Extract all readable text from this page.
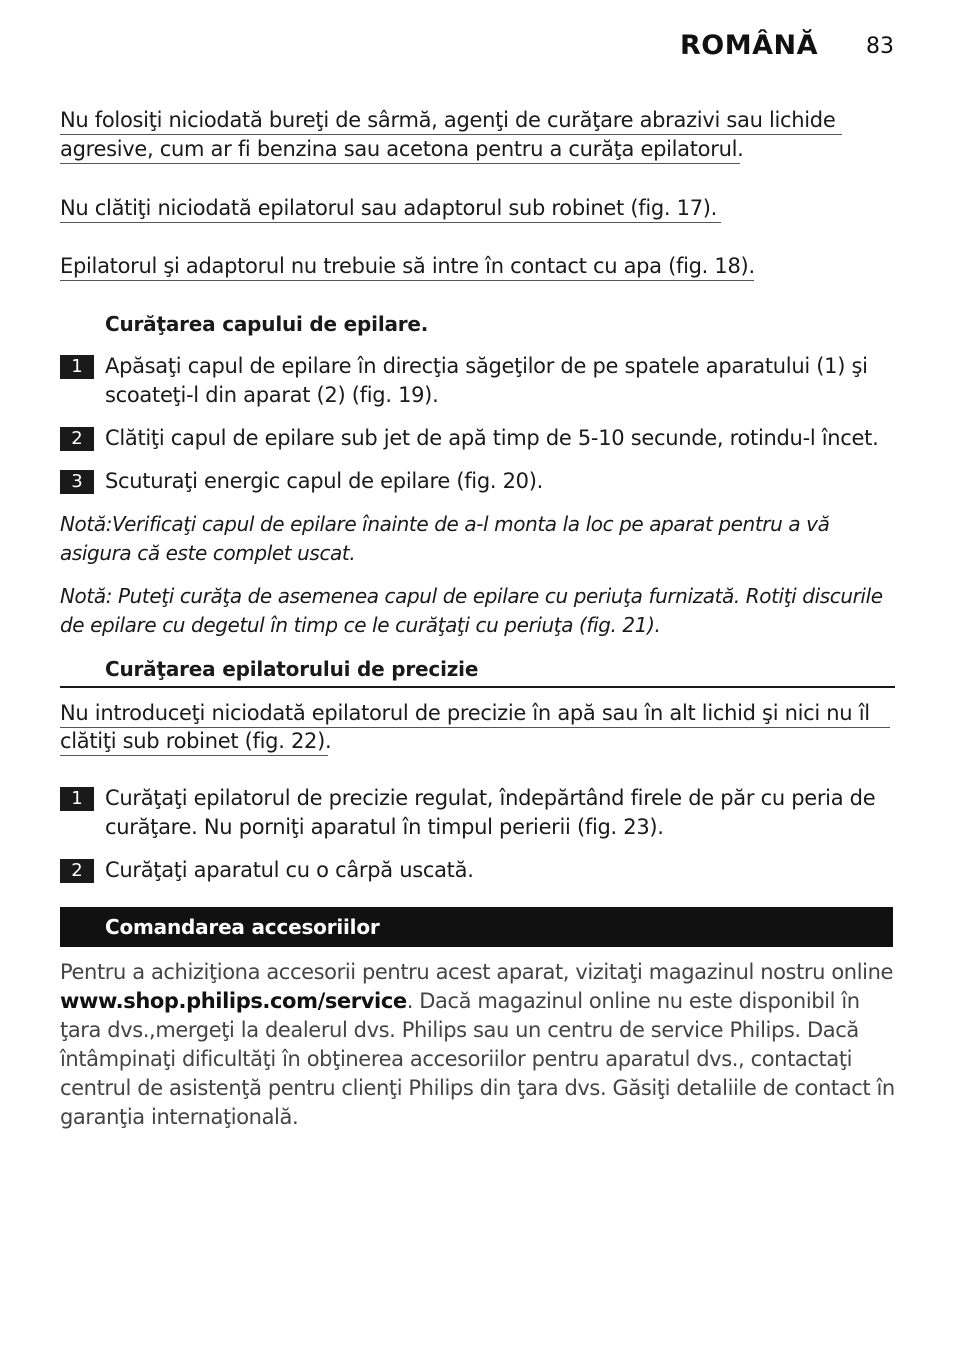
ROMÂNĂ 83
Nu folosiţi niciodată bureţi de sârmă, agenţi de curăţare abrazivi sau lichide
agresive, cum ar fi benzina sau acetona pentru a curăţa epilatorul.
Nu clătiţi niciodată epilatorul sau adaptorul sub robinet (fig. 17).
Epilatorul şi adaptorul nu trebuie să intre în contact cu apa (fig. 18).
Curăţarea capului de epilare.
1	Apăsaţi capul de epilare în direcţia săgeţilor de pe spatele aparatului (1) şi scoateţi-l din aparat (2) (fig. 19).
2	Clătiţi capul de epilare sub jet de apă timp de 5-10 secunde, rotindu-l încet.
3	Scuturaţi energic capul de epilare (fig. 20).
Notă:Verificaţi capul de epilare înainte de a-l monta la loc pe aparat pentru a vă asigura că este complet uscat.
Notă: Puteţi curăţa de asemenea capul de epilare cu periuţa furnizată. Rotiţi discurile de epilare cu degetul în timp ce le curăţaţi cu periuţa (fig. 21).
Curăţarea epilatorului de precizie
Nu introduceţi niciodată epilatorul de precizie în apă sau în alt lichid şi nici nu îl
clătiţi sub robinet (fig. 22).
1	Curăţaţi epilatorul de precizie regulat, îndepărtând firele de păr cu peria de curăţare. Nu porniţi aparatul în timpul perierii (fig. 23).
2	Curăţaţi aparatul cu o cârpă uscată.
Comandarea accesoriilor
Pentru a achiziţiona accesorii pentru acest aparat, vizitaţi magazinul nostru online www.shop.philips.com/service. Dacă magazinul online nu este disponibil în ţara dvs.,mergeţi la dealerul dvs. Philips sau un centru de service Philips. Dacă întâmpinaţi dificultăţi în obţinerea accesoriilor pentru aparatul dvs., contactaţi centrul de asistenţă pentru clienţi Philips din ţara dvs. Găsiţi detaliile de contact în garanţia internaţională.
